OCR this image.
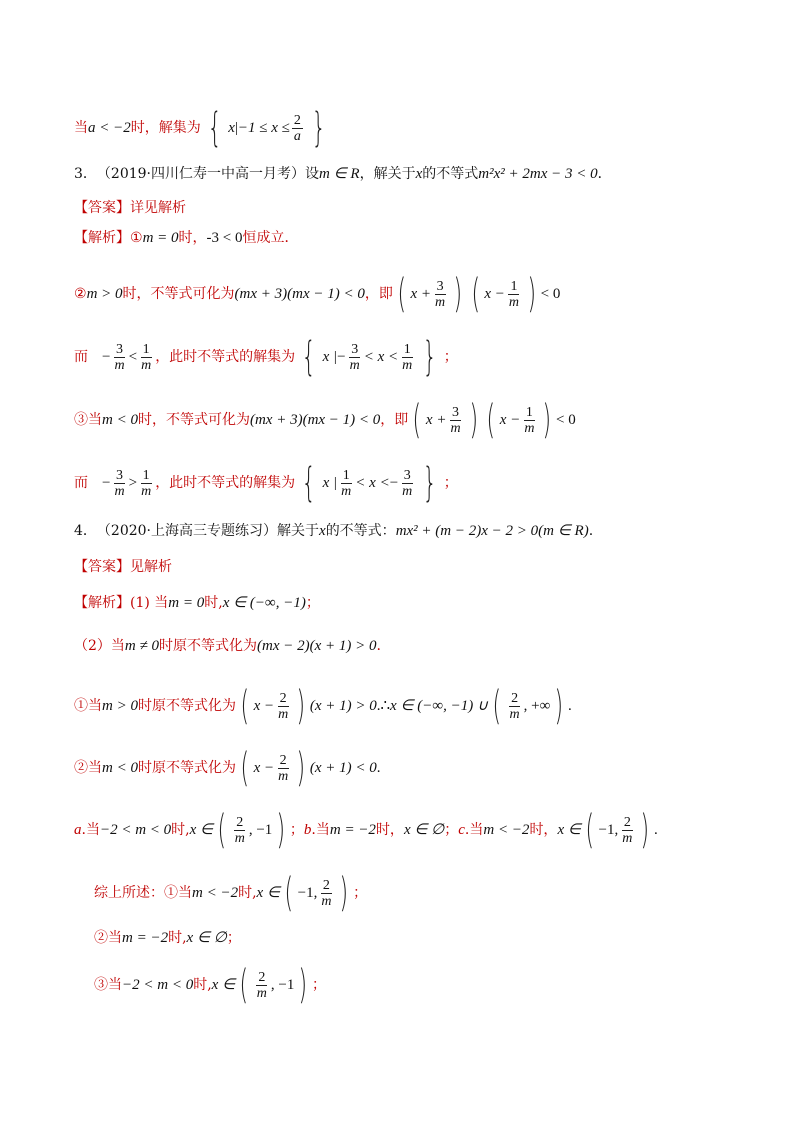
当 a < −2 时，解集为 { x | $-1 \le x \le \frac{2}{a}$ }
3． （2019·四川仁寿一中高一月考） 设 m ∈ R ，解关于 x 的不等式 m²x² + 2mx − 3 < 0 ．
【答案】详见解析
【解析】 ① m = 0 时， -3 < 0 恒成立．
② m > 0 时，不等式可化为 (mx + 3)(mx − 1) < 0 ，即 ( $x + \frac{3}{m}$ ) ( $x - \frac{1}{m}$ ) < 0
而 − $\frac{3}{m} < \frac{1}{m}$ ，此时不等式的解集为 { x | − $\frac{3}{m} < x < \frac{1}{m}$ } ；
③当 m < 0 时，不等式可化为 (mx + 3)(mx − 1) < 0 ，即 ( $x + \frac{3}{m}$ ) ( $x - \frac{1}{m}$ ) < 0
而 − $\frac{3}{m} > \frac{1}{m}$ ，此时不等式的解集为 { x | $\frac{1}{m} < x$ < − $\frac{3}{m}$ } ；
4． （2020·上海高三专题练习） 解关于 x 的不等式： mx² + (m − 2)x − 2 > 0(m ∈ R) .
【答案】见解析
【解析】 (1) 当 m = 0 时, x ∈ (−∞, −1) ；
（2）当 m ≠ 0 时原不等式化为 (mx − 2)(x + 1) > 0 .
①当 m > 0 时原不等式化为 ( $x - \frac{2}{m}$ ) (x + 1) > 0 .∴ x ∈ (−∞, −1) ∪ ( $\frac{2}{m}$ , +∞ ) .
②当 m < 0 时原不等式化为 ( $x - \frac{2}{m}$ ) (x + 1) < 0 .
a .当 −2 < m < 0 时, x ∈ ( $\frac{2}{m}$ , −1 ) ； b .当 m = −2 时， x ∈ ∅ ； c .当 m < −2 时， x ∈ ( −1, $\frac{2}{m}$ ) .
综上所述：①当 m < −2 时, x ∈ ( −1, $\frac{2}{m}$ ) ；
②当 m = −2 时, x ∈ ∅ ；
③当 −2 < m < 0 时, x ∈ ( $\frac{2}{m}$ , −1 ) ；
